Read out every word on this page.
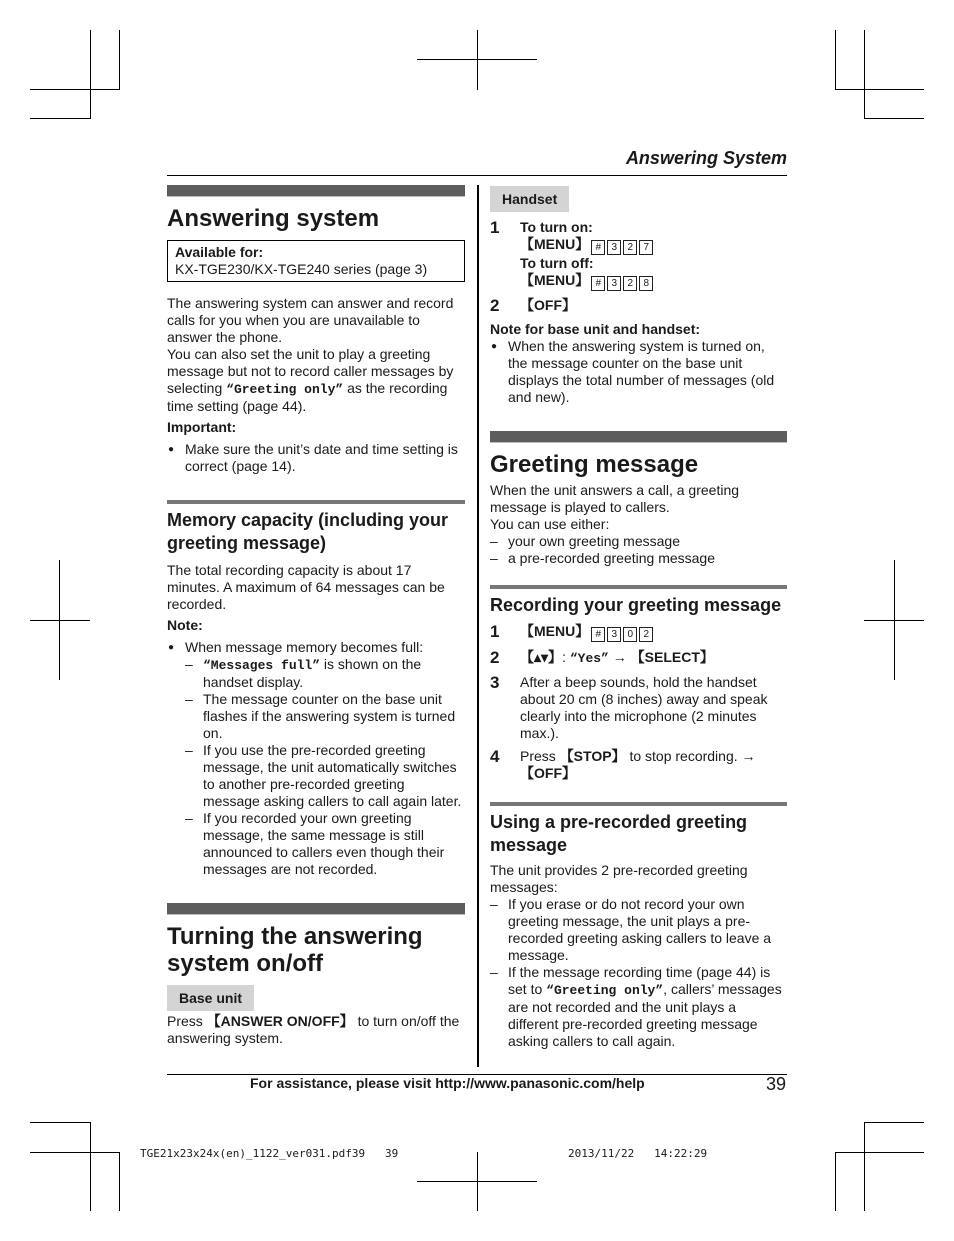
Answering System
Answering system
Available for:
KX-TGE230/KX-TGE240 series (page 3)

The answering system can answer and record calls for you when you are unavailable to answer the phone.

You can also set the unit to play a greeting message but not to record caller messages by selecting “Greeting only” as the recording time setting (page 44).

Important:

● Make sure the unit’s date and time setting is correct (page 14).

Memory capacity (including your greeting message)

The total recording capacity is about 17 minutes. A maximum of 64 messages can be recorded.

Note:

● When message memory becomes full:

– “Messages full” is shown on the handset display.

– The message counter on the base unit flashes if the answering system is turned on.

– If you use the pre-recorded greeting message, the unit automatically switches to another pre-recorded greeting message asking callers to call again later.

– If you recorded your own greeting message, the same message is still announced to callers even though their messages are not recorded.

Turning the answering system on/off
Base unit

Press 【ANSWER ON/OFF】 to turn on/off the answering system.

Handset
1 To turn on:
【MENU】 # 3 2 7
To turn off:
【MENU】 # 3 2 8
2 【OFF】

Note for base unit and handset:

● When the answering system is turned on, the message counter on the base unit displays the total number of messages (old and new).

Greeting message

When the unit answers a call, a greeting message is played to callers.

You can use either:

– your own greeting message

– a pre-recorded greeting message

Recording your greeting message
1 【MENU】 # 3 0 2
2 【▴▾】: “Yes” → 【SELECT】
3 After a beep sounds, hold the handset about 20 cm (8 inches) away and speak clearly into the microphone (2 minutes max.).
4 Press 【STOP】 to stop recording. →
【OFF】
Using a pre-recorded greeting message

The unit provides 2 pre-recorded greeting messages:

– If you erase or do not record your own greeting message, the unit plays a pre-recorded greeting asking callers to leave a message.

– If the message recording time (page 44) is set to “Greeting only”, callers’ messages are not recorded and the unit plays a different pre-recorded greeting message asking callers to call again.

For assistance, please visit http://www.panasonic.com/help	39
TGE21x23x24x(en)_1122_ver031.pdf39   39	2013/11/22   14:22:29
